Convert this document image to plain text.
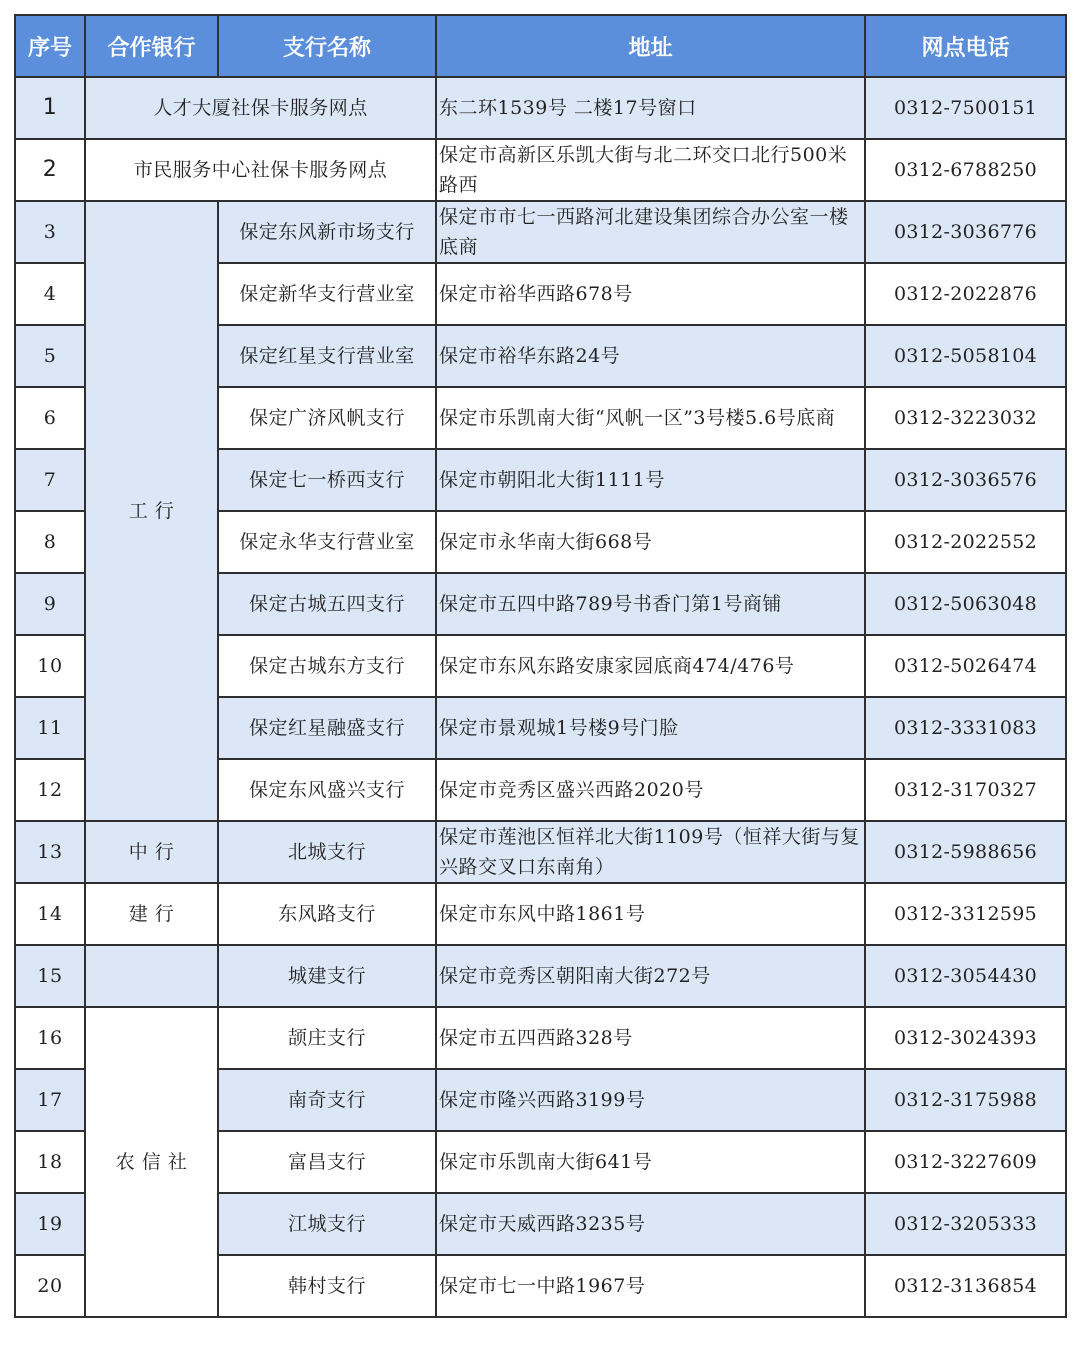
序号	合作银行	支行名称	地址	网点电话
1	人才大厦社保卡服务网点		东二环1539号 二楼17号窗口	0312-7500151
2	市民服务中心社保卡服务网点		保定市高新区乐凯大街与北二环交口北行500米路西	0312-6788250
3	工 行	保定东风新市场支行	保定市市七一西路河北建设集团综合办公室一楼底商	0312-3036776
4		保定新华支行营业室	保定市裕华西路678号	0312-2022876
5		保定红星支行营业室	保定市裕华东路24号	0312-5058104
6		保定广济风帆支行	保定市乐凯南大街“风帆一区”3号楼5.6号底商	0312-3223032
7		保定七一桥西支行	保定市朝阳北大街1111号	0312-3036576
8		保定永华支行营业室	保定市永华南大街668号	0312-2022552
9		保定古城五四支行	保定市五四中路789号书香门第1号商铺	0312-5063048
10		保定古城东方支行	保定市东风东路安康家园底商474/476号	0312-5026474
11		保定红星融盛支行	保定市景观城1号楼9号门脸	0312-3331083
12		保定东风盛兴支行	保定市竞秀区盛兴西路2020号	0312-3170327
13	中 行	北城支行	保定市莲池区恒祥北大街1109号（恒祥大街与复兴路交叉口东南角）	0312-5988656
14	建 行	东风路支行	保定市东风中路1861号	0312-3312595
15		城建支行	保定市竞秀区朝阳南大街272号	0312-3054430
16	农 信 社	颉庄支行	保定市五四西路328号	0312-3024393
17		南奇支行	保定市隆兴西路3199号	0312-3175988
18		富昌支行	保定市乐凯南大街641号	0312-3227609
19		江城支行	保定市天威西路3235号	0312-3205333
20		韩村支行	保定市七一中路1967号	0312-3136854
